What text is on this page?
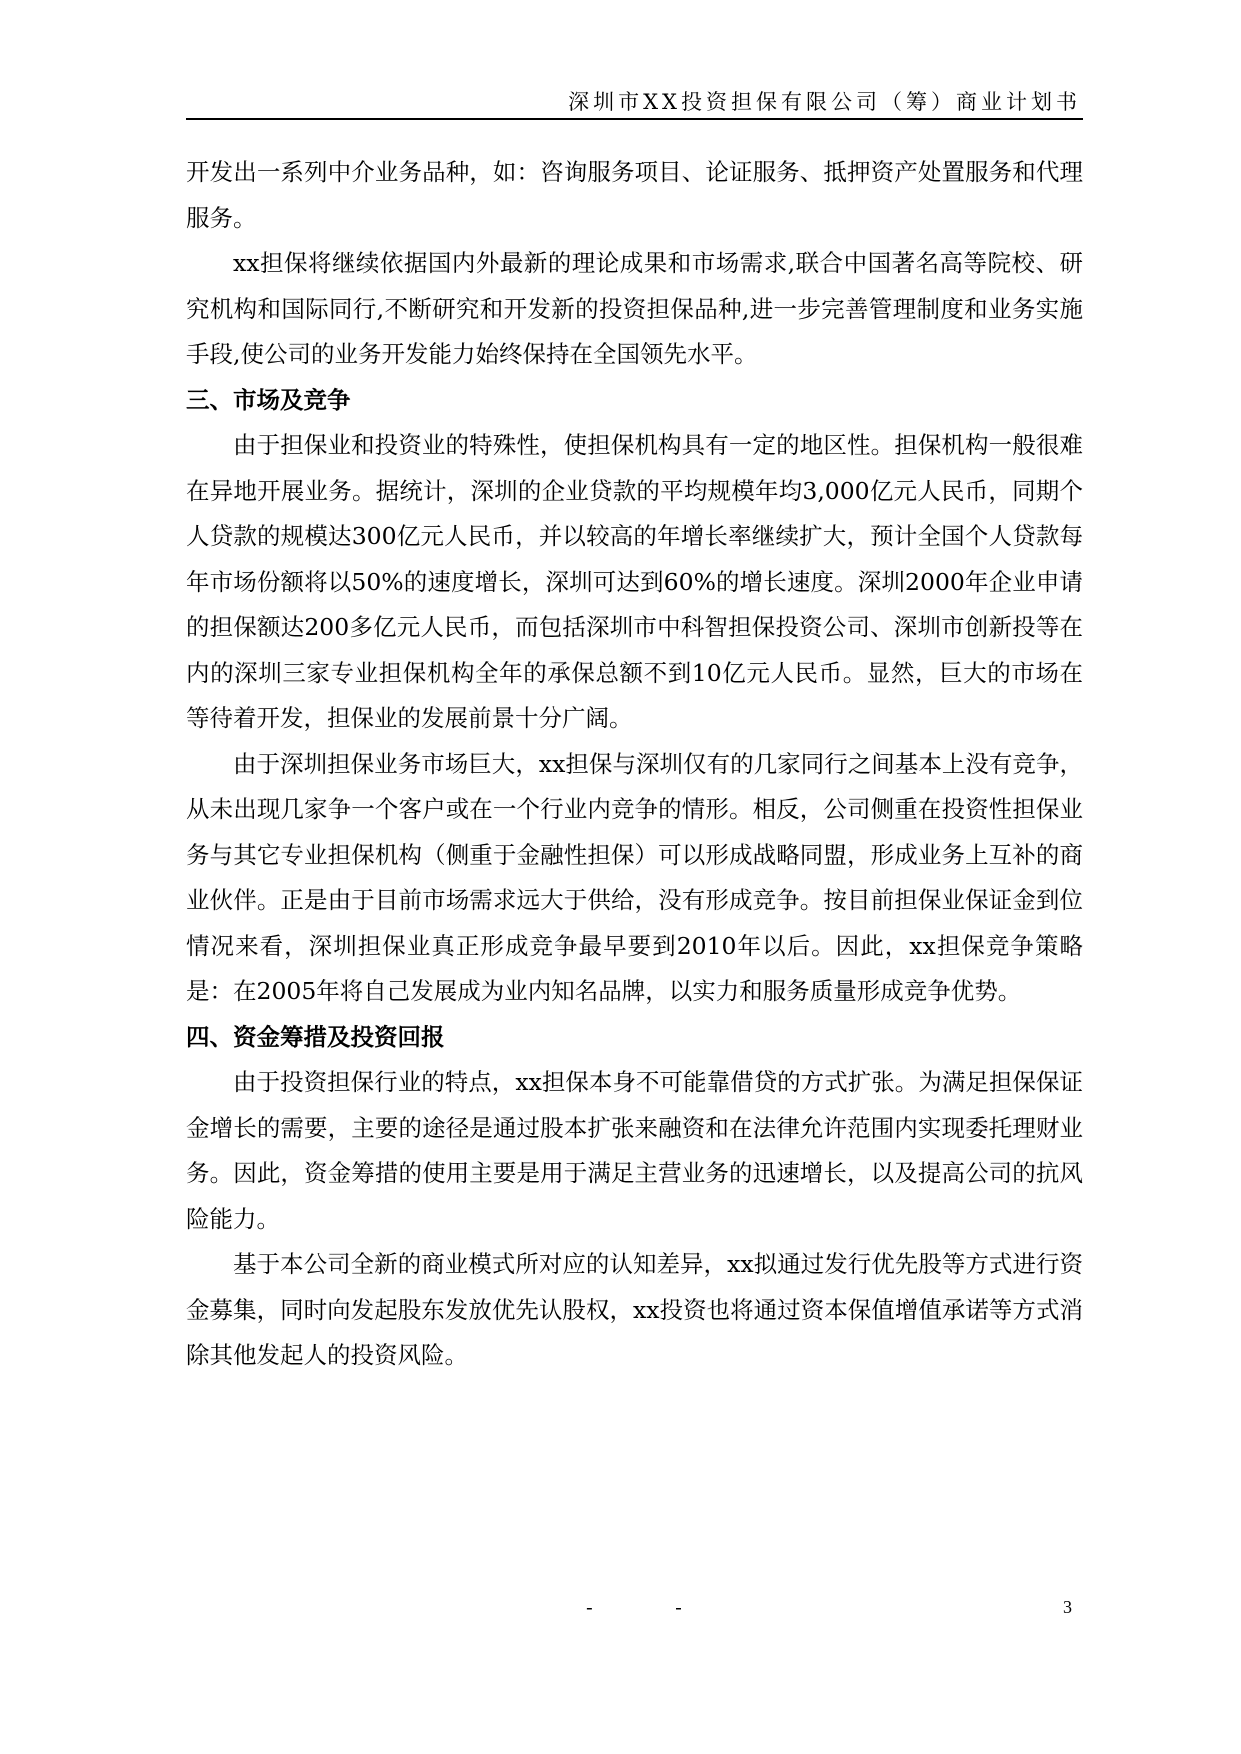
深圳市XX投资担保有限公司（筹）商业计划书

开发出一系列中介业务品种，如：咨询服务项目、论证服务、抵押资产处置服务和代理服务。

xx担保将继续依据国内外最新的理论成果和市场需求,联合中国著名高等院校、研究机构和国际同行,不断研究和开发新的投资担保品种,进一步完善管理制度和业务实施手段,使公司的业务开发能力始终保持在全国领先水平。

三、市场及竞争

由于担保业和投资业的特殊性，使担保机构具有一定的地区性。担保机构一般很难在异地开展业务。据统计，深圳的企业贷款的平均规模年均3,000亿元人民币，同期个人贷款的规模达300亿元人民币，并以较高的年增长率继续扩大，预计全国个人贷款每年市场份额将以50%的速度增长，深圳可达到60%的增长速度。深圳2000年企业申请的担保额达200多亿元人民币，而包括深圳市中科智担保投资公司、深圳市创新投等在内的深圳三家专业担保机构全年的承保总额不到10亿元人民币。显然，巨大的市场在等待着开发，担保业的发展前景十分广阔。

由于深圳担保业务市场巨大，xx担保与深圳仅有的几家同行之间基本上没有竞争，从未出现几家争一个客户或在一个行业内竞争的情形。相反，公司侧重在投资性担保业务与其它专业担保机构（侧重于金融性担保）可以形成战略同盟，形成业务上互补的商业伙伴。正是由于目前市场需求远大于供给，没有形成竞争。按目前担保业保证金到位情况来看，深圳担保业真正形成竞争最早要到2010年以后。因此，xx担保竞争策略是：在2005年将自己发展成为业内知名品牌，以实力和服务质量形成竞争优势。

四、资金筹措及投资回报

由于投资担保行业的特点，xx担保本身不可能靠借贷的方式扩张。为满足担保保证金增长的需要，主要的途径是通过股本扩张来融资和在法律允许范围内实现委托理财业务。因此，资金筹措的使用主要是用于满足主营业务的迅速增长，以及提高公司的抗风险能力。

基于本公司全新的商业模式所对应的认知差异，xx拟通过发行优先股等方式进行资金募集，同时向发起股东发放优先认股权，xx投资也将通过资本保值增值承诺等方式消除其他发起人的投资风险。

- -	3
